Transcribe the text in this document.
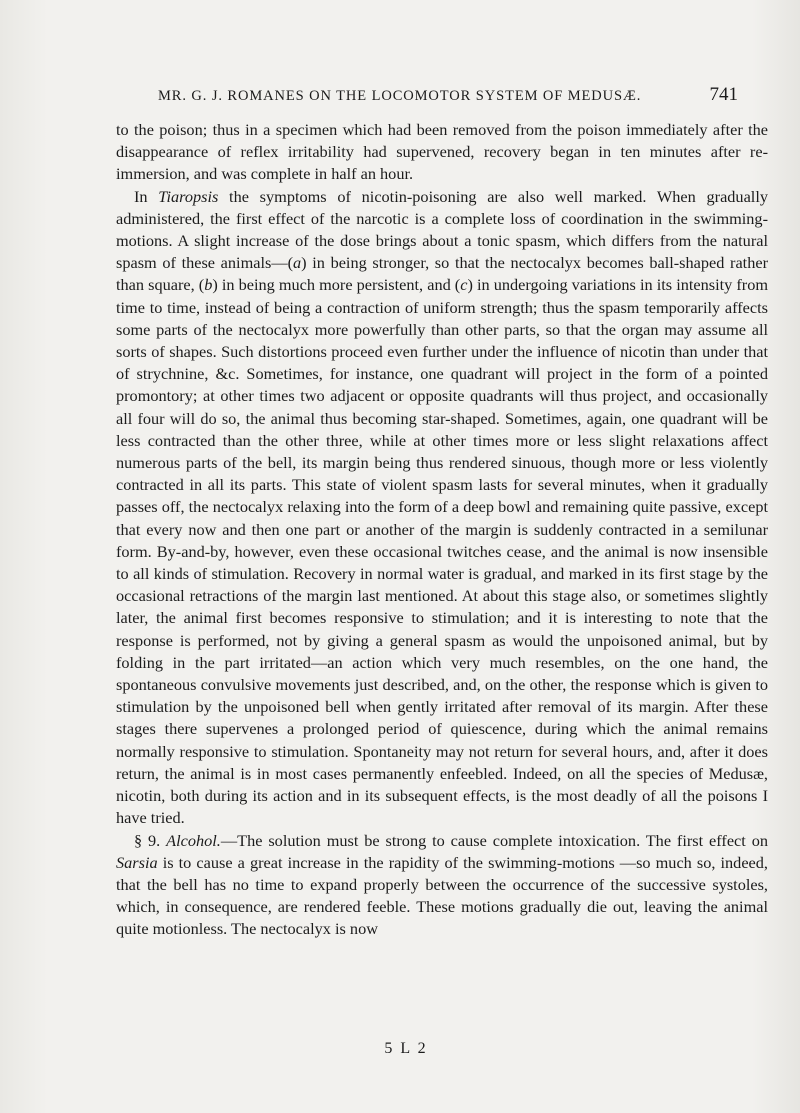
MR. G. J. ROMANES ON THE LOCOMOTOR SYSTEM OF MEDUSÆ.	741

to the poison; thus in a specimen which had been removed from the poison immediately after the disappearance of reflex irritability had supervened, recovery began in ten minutes after re-immersion, and was complete in half an hour.

In Tiaropsis the symptoms of nicotin-poisoning are also well marked. When gradually administered, the first effect of the narcotic is a complete loss of coordination in the swimming-motions. A slight increase of the dose brings about a tonic spasm, which differs from the natural spasm of these animals—(a) in being stronger, so that the nectocalyx becomes ball-shaped rather than square, (b) in being much more persistent, and (c) in undergoing variations in its intensity from time to time, instead of being a contraction of uniform strength; thus the spasm temporarily affects some parts of the nectocalyx more powerfully than other parts, so that the organ may assume all sorts of shapes. Such distortions proceed even further under the influence of nicotin than under that of strychnine, &c. Sometimes, for instance, one quadrant will project in the form of a pointed promontory; at other times two adjacent or opposite quadrants will thus project, and occasionally all four will do so, the animal thus becoming star-shaped. Sometimes, again, one quadrant will be less contracted than the other three, while at other times more or less slight relaxations affect numerous parts of the bell, its margin being thus rendered sinuous, though more or less violently contracted in all its parts. This state of violent spasm lasts for several minutes, when it gradually passes off, the nectocalyx relaxing into the form of a deep bowl and remaining quite passive, except that every now and then one part or another of the margin is suddenly contracted in a semilunar form. By-and-by, however, even these occasional twitches cease, and the animal is now insensible to all kinds of stimulation. Recovery in normal water is gradual, and marked in its first stage by the occasional retractions of the margin last mentioned. At about this stage also, or sometimes slightly later, the animal first becomes responsive to stimulation; and it is interesting to note that the response is performed, not by giving a general spasm as would the unpoisoned animal, but by folding in the part irritated—an action which very much resembles, on the one hand, the spontaneous convulsive movements just described, and, on the other, the response which is given to stimulation by the unpoisoned bell when gently irritated after removal of its margin. After these stages there supervenes a prolonged period of quiescence, during which the animal remains normally responsive to stimulation. Spontaneity may not return for several hours, and, after it does return, the animal is in most cases permanently enfeebled. Indeed, on all the species of Medusæ, nicotin, both during its action and in its subsequent effects, is the most deadly of all the poisons I have tried.

§ 9. Alcohol.—The solution must be strong to cause complete intoxication. The first effect on Sarsia is to cause a great increase in the rapidity of the swimming-motions —so much so, indeed, that the bell has no time to expand properly between the occurrence of the successive systoles, which, in consequence, are rendered feeble. These motions gradually die out, leaving the animal quite motionless. The nectocalyx is now

5 L 2
